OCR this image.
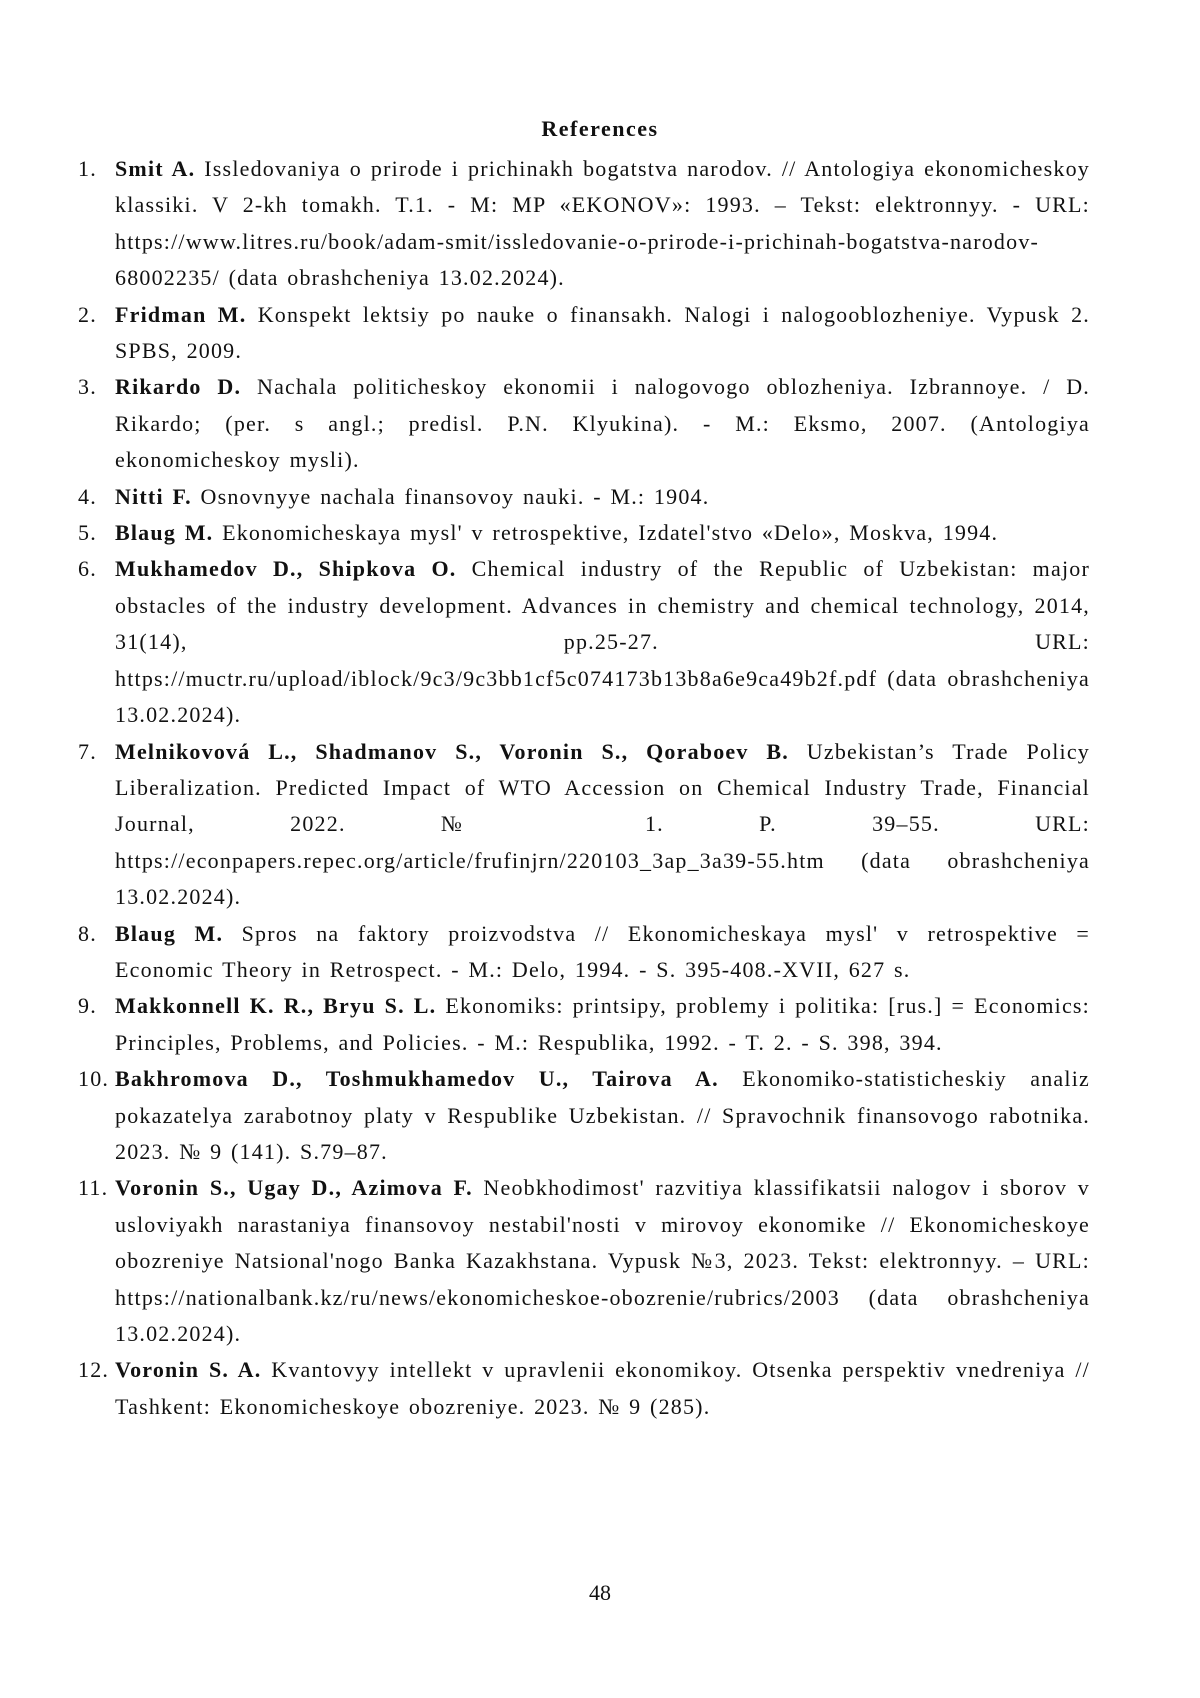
References
1. Smit A. Issledovaniya o prirode i prichinakh bogatstva narodov. // Antologiya ekonomicheskoy klassiki. V 2-kh tomakh. T.1. - M: MP «EKONOV»: 1993. – Tekst: elektronnyy. - URL: https://www.litres.ru/book/adam-smit/issledovanie-o-prirode-i-prichinah-bogatstva-narodov-68002235/ (data obrashcheniya 13.02.2024).
2. Fridman M. Konspekt lektsiy po nauke o finansakh. Nalogi i nalogooblozheniye. Vypusk 2. SPBS, 2009.
3. Rikardo D. Nachala politicheskoy ekonomii i nalogovogo oblozheniya. Izbrannoye. / D. Rikardo; (per. s angl.; predisl. P.N. Klyukina). - M.: Eksmo, 2007. (Antologiya ekonomicheskoy mysli).
4. Nitti F. Osnovnyye nachala finansovoy nauki. - M.: 1904.
5. Blaug M. Ekonomicheskaya mysl' v retrospektive, Izdatel'stvo «Delo», Moskva, 1994.
6. Mukhamedov D., Shipkova O. Chemical industry of the Republic of Uzbekistan: major obstacles of the industry development. Advances in chemistry and chemical technology, 2014, 31(14), pp.25-27. URL: https://muctr.ru/upload/iblock/9c3/9c3bb1cf5c074173b13b8a6e9ca49b2f.pdf (data obrashcheniya 13.02.2024).
7. Melnikovová L., Shadmanov S., Voronin S., Qoraboev B. Uzbekistan’s Trade Policy Liberalization. Predicted Impact of WTO Accession on Chemical Industry Trade, Financial Journal, 2022. № 1. P. 39–55. URL: https://econpapers.repec.org/article/frufinjrn/220103_3ap_3a39-55.htm (data obrashcheniya 13.02.2024).
8. Blaug M. Spros na faktory proizvodstva // Ekonomicheskaya mysl' v retrospektive = Economic Theory in Retrospect. - M.: Delo, 1994. - S. 395-408.-XVII, 627 s.
9. Makkonnell K. R., Bryu S. L. Ekonomiks: printsipy, problemy i politika: [rus.] = Economics: Principles, Problems, and Policies. - M.: Respublika, 1992. - T. 2. - S. 398, 394.
10. Bakhromova D., Toshmukhamedov U., Tairova A. Ekonomiko-statisticheskiy analiz pokazatelya zarabotnoy platy v Respublike Uzbekistan. // Spravochnik finansovogo rabotnika. 2023. № 9 (141). S.79–87.
11. Voronin S., Ugay D., Azimova F. Neobkhodimost' razvitiya klassifikatsii nalogov i sborov v usloviyakh narastaniya finansovoy nestabil'nosti v mirovoy ekonomike // Ekonomicheskoye obozreniye Natsional'nogo Banka Kazakhstana. Vypusk №3, 2023. Tekst: elektronnyy. – URL: https://nationalbank.kz/ru/news/ekonomicheskoe-obozrenie/rubrics/2003 (data obrashcheniya 13.02.2024).
12. Voronin S. A. Kvantovyy intellekt v upravlenii ekonomikoy. Otsenka perspektiv vnedreniya // Tashkent: Ekonomicheskoye obozreniye. 2023. № 9 (285).
48
